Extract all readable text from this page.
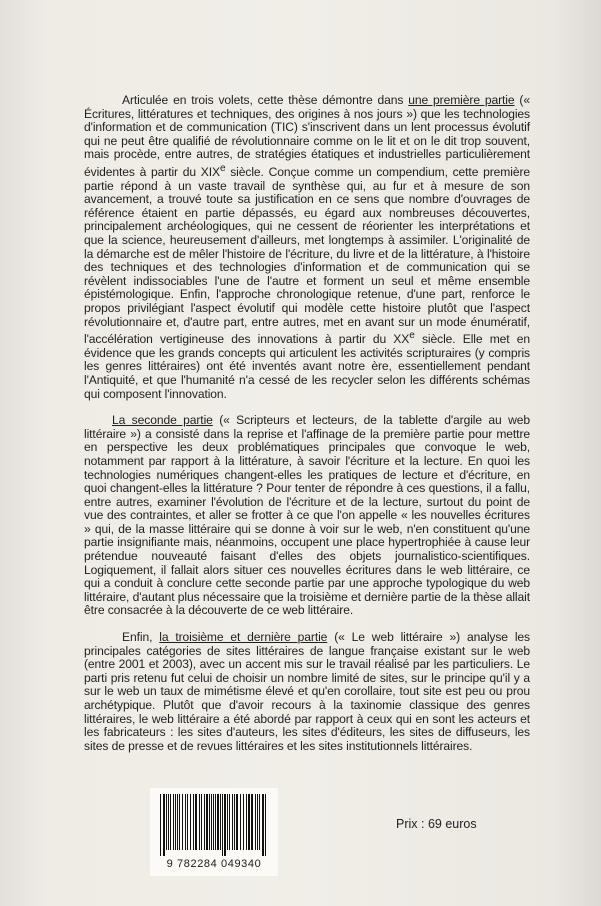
Articulée en trois volets, cette thèse démontre dans une première partie (« Écritures, littératures et techniques, des origines à nos jours ») que les technologies d'information et de communication (TIC) s'inscrivent dans un lent processus évolutif qui ne peut être qualifié de révolutionnaire comme on le lit et on le dit trop souvent, mais procède, entre autres, de stratégies étatiques et industrielles particulièrement évidentes à partir du XIXe siècle. Conçue comme un compendium, cette première partie répond à un vaste travail de synthèse qui, au fur et à mesure de son avancement, a trouvé toute sa justification en ce sens que nombre d'ouvrages de référence étaient en partie dépassés, eu égard aux nombreuses découvertes, principalement archéologiques, qui ne cessent de réorienter les interprétations et que la science, heureusement d'ailleurs, met longtemps à assimiler. L'originalité de la démarche est de mêler l'histoire de l'écriture, du livre et de la littérature, à l'histoire des techniques et des technologies d'information et de communication qui se révèlent indissociables l'une de l'autre et forment un seul et même ensemble épistémologique. Enfin, l'approche chronologique retenue, d'une part, renforce le propos privilégiant l'aspect évolutif qui modèle cette histoire plutôt que l'aspect révolutionnaire et, d'autre part, entre autres, met en avant sur un mode énumératif, l'accélération vertigineuse des innovations à partir du XXe siècle. Elle met en évidence que les grands concepts qui articulent les activités scripturaires (y compris les genres littéraires) ont été inventés avant notre ère, essentiellement pendant l'Antiquité, et que l'humanité n'a cessé de les recycler selon les différents schémas qui composent l'innovation.

La seconde partie (« Scripteurs et lecteurs, de la tablette d'argile au web littéraire ») a consisté dans la reprise et l'affinage de la première partie pour mettre en perspective les deux problématiques principales que convoque le web, notamment par rapport à la littérature, à savoir l'écriture et la lecture. En quoi les technologies numériques changent-elles les pratiques de lecture et d'écriture, en quoi changent-elles la littérature ? Pour tenter de répondre à ces questions, il a fallu, entre autres, examiner l'évolution de l'écriture et de la lecture, surtout du point de vue des contraintes, et aller se frotter à ce que l'on appelle « les nouvelles écritures » qui, de la masse littéraire qui se donne à voir sur le web, n'en constituent qu'une partie insignifiante mais, néanmoins, occupent une place hypertrophiée à cause leur prétendue nouveauté faisant d'elles des objets journalistico-scientifiques. Logiquement, il fallait alors situer ces nouvelles écritures dans le web littéraire, ce qui a conduit à conclure cette seconde partie par une approche typologique du web littéraire, d'autant plus nécessaire que la troisième et dernière partie de la thèse allait être consacrée à la découverte de ce web littéraire.

Enfin, la troisième et dernière partie (« Le web littéraire ») analyse les principales catégories de sites littéraires de langue française existant sur le web (entre 2001 et 2003), avec un accent mis sur le travail réalisé par les particuliers. Le parti pris retenu fut celui de choisir un nombre limité de sites, sur le principe qu'il y a sur le web un taux de mimétisme élevé et qu'en corollaire, tout site est peu ou prou archétypique. Plutôt que d'avoir recours à la taxinomie classique des genres littéraires, le web littéraire a été abordé par rapport à ceux qui en sont les acteurs et les fabricateurs : les sites d'auteurs, les sites d'éditeurs, les sites de diffuseurs, les sites de presse et de revues littéraires et les sites institutionnels littéraires.

9 782284 049340
Prix : 69 euros
